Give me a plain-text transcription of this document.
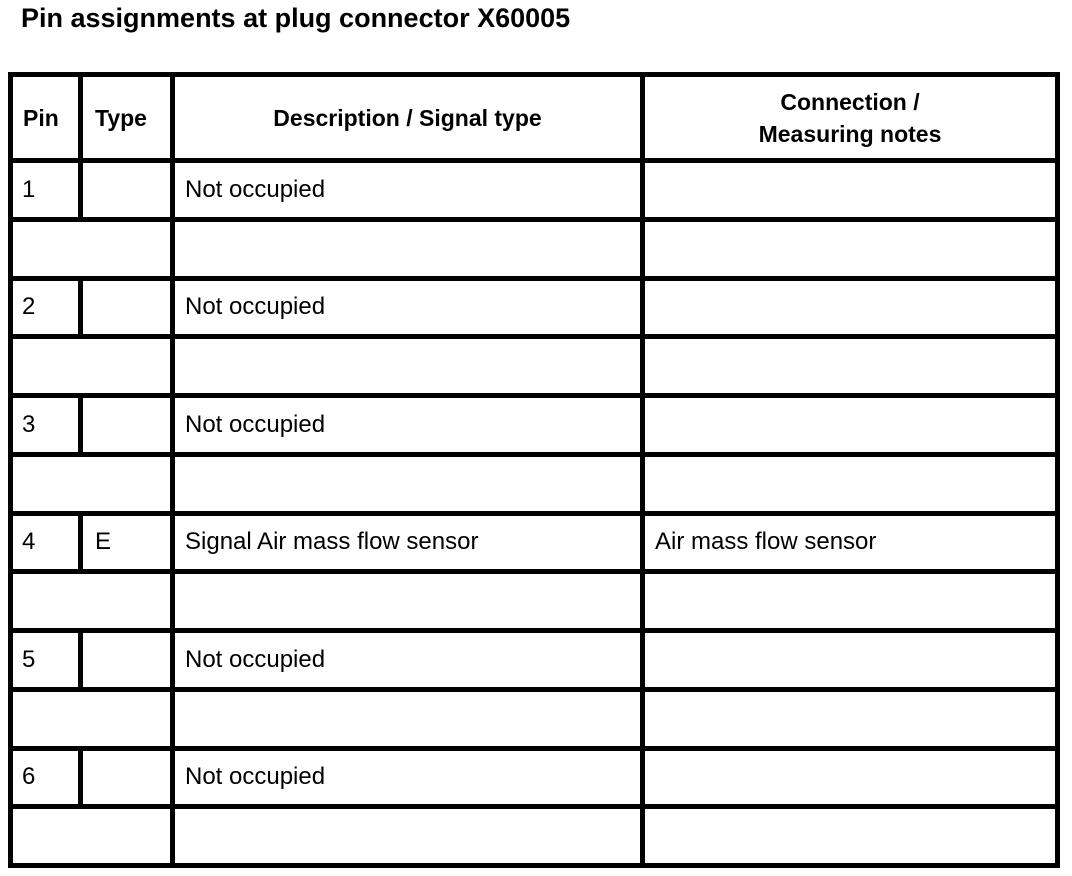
Pin assignments at plug connector X60005
Pin	Type	Description / Signal type	Connection /
Measuring notes

1		Not occupied	

2		Not occupied	

3		Not occupied	

4	E	Signal Air mass flow sensor	Air mass flow sensor

5		Not occupied	

6		Not occupied	
